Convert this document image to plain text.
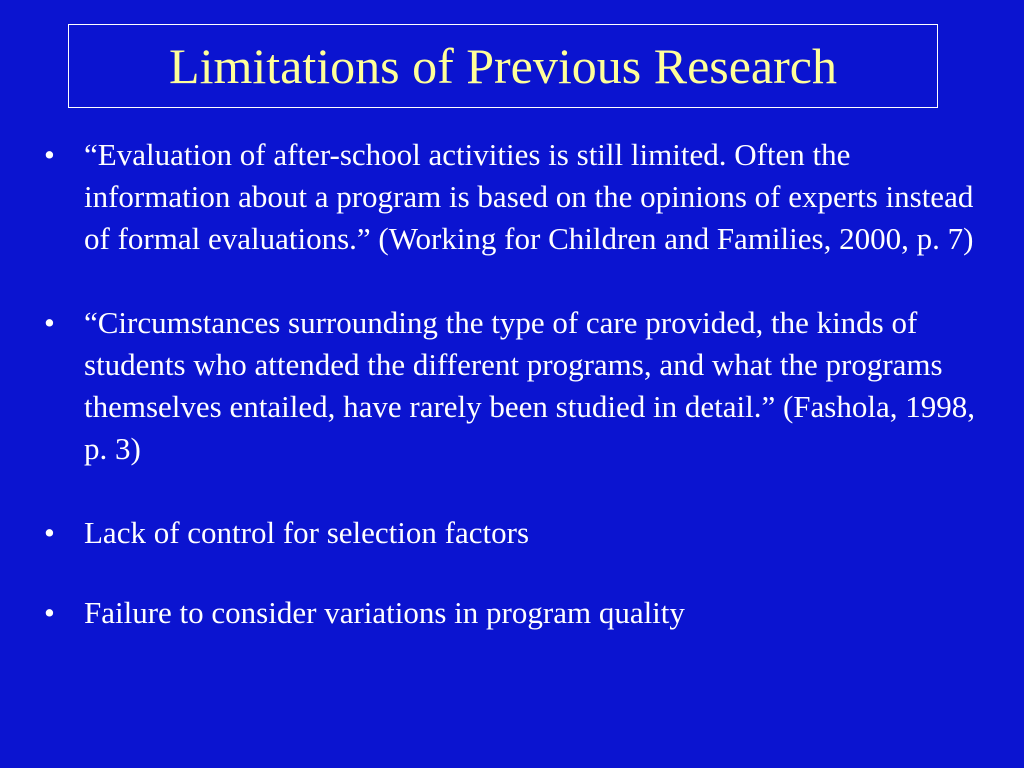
Limitations of Previous Research
• “Evaluation of after-school activities is still limited. Often the information about a program is based on the opinions of experts instead of formal evaluations.” (Working for Children and Families, 2000, p. 7)
• “Circumstances surrounding the type of care provided, the kinds of students who attended the different programs, and what the programs themselves entailed, have rarely been studied in detail.” (Fashola, 1998, p. 3)
• Lack of control for selection factors
• Failure to consider variations in program quality
